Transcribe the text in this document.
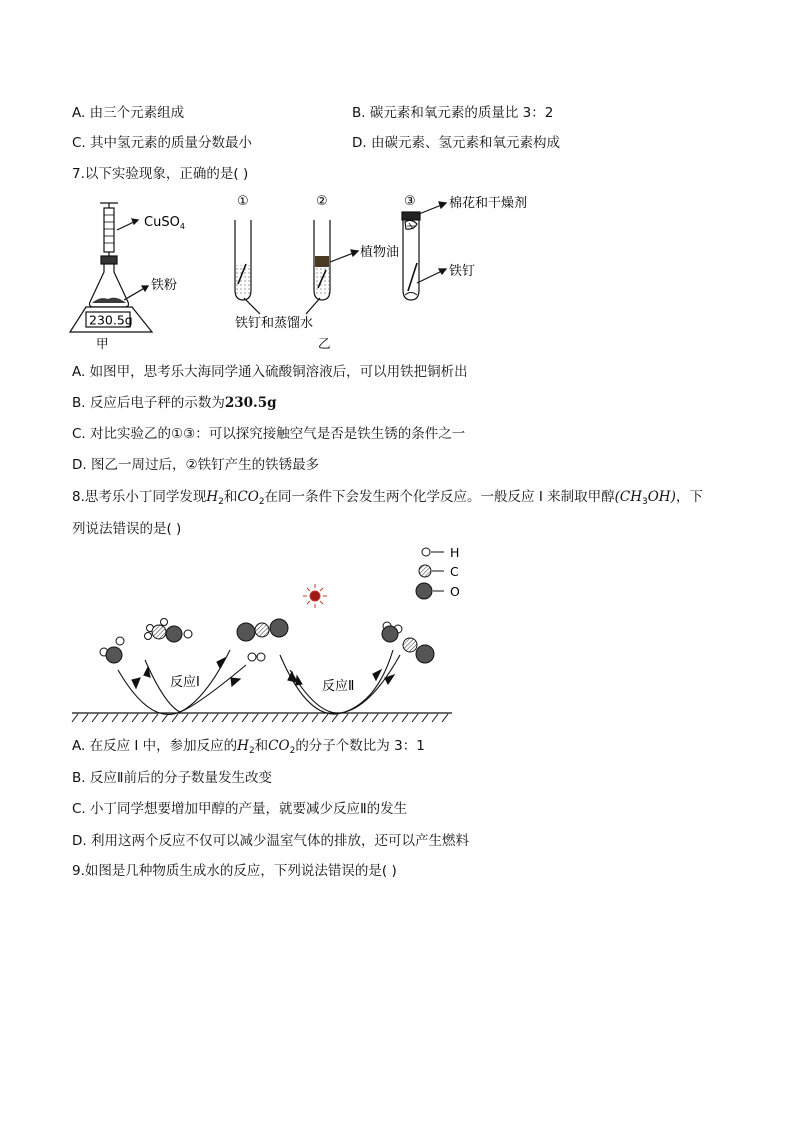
A. 由三个元素组成	B. 碳元素和氧元素的质量比 3：2
C. 其中氢元素的质量分数最小	D. 由碳元素、氢元素和氧元素构成
7.以下实验现象，正确的是( )
CuSO$_4$
铁粉
230.5g
甲
①	②	③
植物油
棉花和干燥剂
铁钉
铁钉和蒸馏水
乙
A. 如图甲，思考乐大海同学通入硫酸铜溶液后，可以用铁把铜析出
B. 反应后电子秤的示数为230.5g
C. 对比实验乙的①③：可以探究接触空气是否是铁生锈的条件之一
D. 图乙一周过后，②铁钉产生的铁锈最多
8.思考乐小丁同学发现$H_2$和$CO_2$在同一条件下会发生两个化学反应。一般反应 I 来制取甲醇$(CH_3OH)$，下
列说法错误的是( )
H
C
O
反应I	反应Ⅱ
A. 在反应 I 中，参加反应的$H_2$和$CO_2$的分子个数比为 3：1
B. 反应Ⅱ前后的分子数量发生改变
C. 小丁同学想要增加甲醇的产量，就要减少反应Ⅱ的发生
D. 利用这两个反应不仅可以减少温室气体的排放，还可以产生燃料
9.如图是几种物质生成水的反应，下列说法错误的是( )
